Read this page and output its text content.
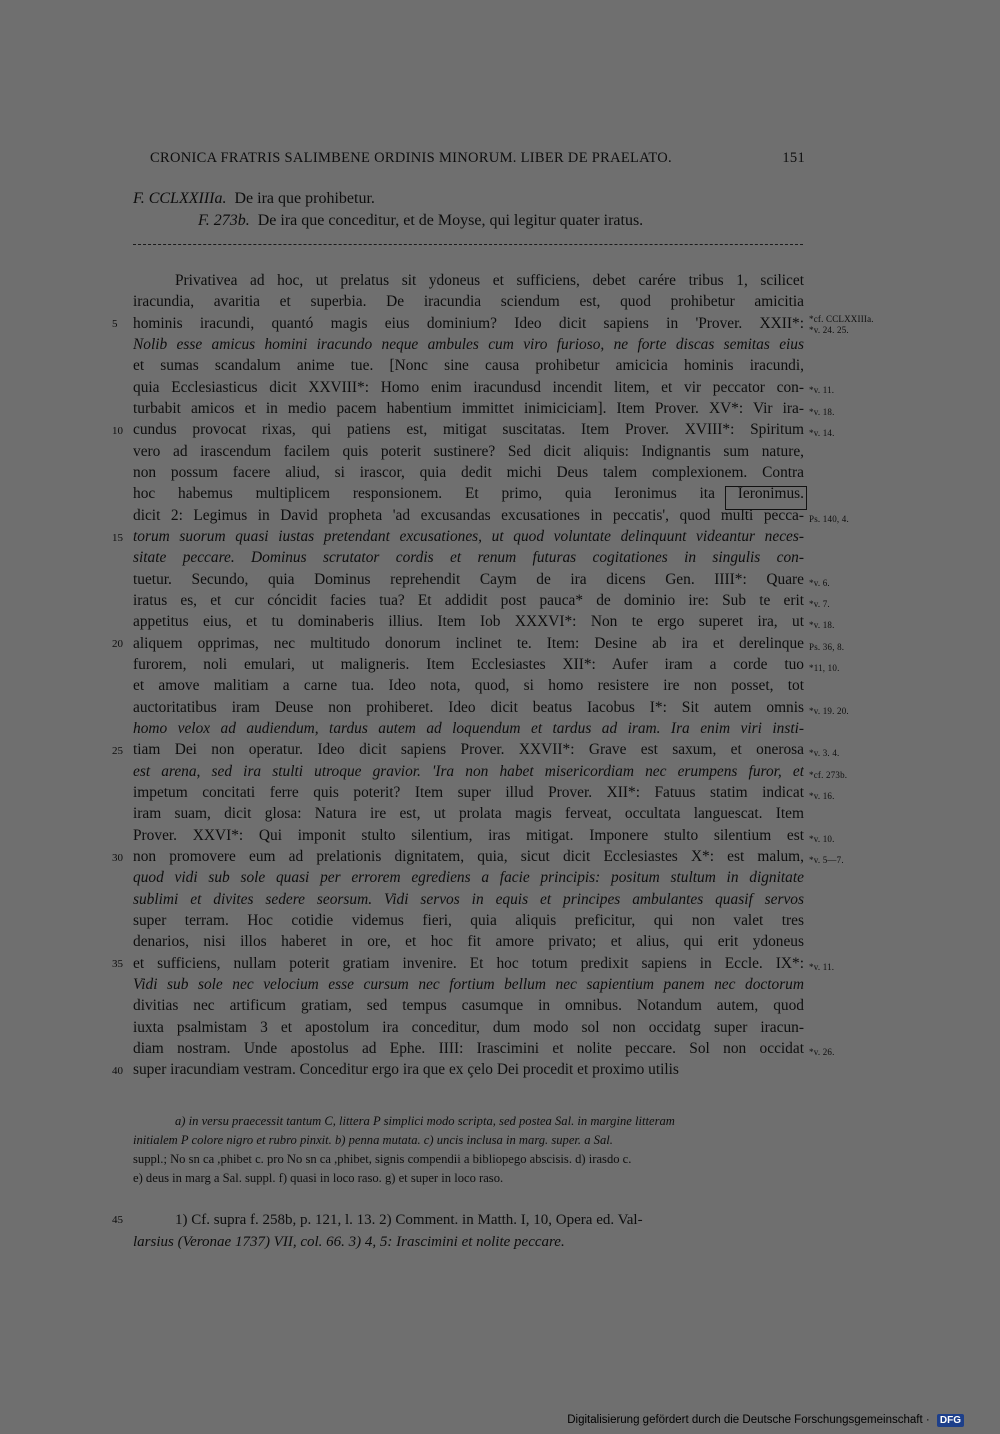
CRONICA FRATRIS SALIMBENE ORDINIS MINORUM. LIBER DE PRAELATO.	151
F. CCLXXIIIa. De ira que prohibetur.
F. 273b. De ira que conceditur, et de Moyse, qui legitur quater iratus.
Privativea ad hoc, ut prelatus sit ydoneus et sufficiens, debet carére tribus 1, scilicet
iracundia, avaritia et superbia. De iracundia sciendum est, quod prohibetur amicitia
hominis iracundi, quantó magis eius dominium? Ideo dicit sapiens in 'Prover. XXII*:
Nolib esse amicus homini iracundo neque ambules cum viro furioso, ne forte discas semitas eius
et sumas scandalum anime tue. [Nonc sine causa prohibetur amicicia hominis iracundi,
quia Ecclesiasticus dicit XXVIII*: Homo enim iracundusd incendit litem, et vir peccator con-
turbabit amicos et in medio pacem habentium immittet inimiciciam]. Item Prover. XV*: Vir ira-
cundus provocat rixas, qui patiens est, mitigat suscitatas. Item Prover. XVIII*: Spiritum
vero ad irascendum facilem quis poterit sustinere? Sed dicit aliquis: Indignantis sum nature,
non possum facere aliud, si irascor, quia dedit michi Deus talem complexionem. Contra
hoc habemus multiplicem responsionem. Et primo, quia Ieronimus ita Ieronimus.
dicit 2: Legimus in David propheta 'ad excusandas excusationes in peccatis', quod multi pecca-
torum suorum quasi iustas pretendant excusationes, ut quod voluntate delinquunt videantur neces-
sitate peccare. Dominus scrutator cordis et renum futuras cogitationes in singulis con-
tuetur. Secundo, quia Dominus reprehendit Caym de ira dicens Gen. IIII*: Quare
iratus es, et cur cóncidit facies tua? Et addidit post pauca* de dominio ire: Sub te erit
appetitus eius, et tu dominaberis illius. Item Iob XXXVI*: Non te ergo superet ira, ut
aliquem opprimas, nec multitudo donorum inclinet te. Item: Desine ab ira et derelinque
furorem, noli emulari, ut maligneris. Item Ecclesiastes XII*: Aufer iram a corde tuo
et amove malitiam a carne tua. Ideo nota, quod, si homo resistere ire non posset, tot
auctoritatibus iram Deuse non prohiberet. Ideo dicit beatus Iacobus I*: Sit autem omnis
homo velox ad audiendum, tardus autem ad loquendum et tardus ad iram. Ira enim viri insti-
tiam Dei non operatur. Ideo dicit sapiens Prover. XXVII*: Grave est saxum, et onerosa
est arena, sed ira stulti utroque gravior. 'Ira non habet misericordiam nec erumpens furor, et
impetum concitati ferre quis poterit? Item super illud Prover. XII*: Fatuus statim indicat
iram suam, dicit glosa: Natura ire est, ut prolata magis ferveat, occultata languescat. Item
Prover. XXVI*: Qui imponit stulto silentium, iras mitigat. Imponere stulto silentium est
non promovere eum ad prelationis dignitatem, quia, sicut dicit Ecclesiastes X*: est malum,
quod vidi sub sole quasi per errorem egrediens a facie principis: positum stultum in dignitate
sublimi et divites sedere seorsum. Vidi servos in equis et principes ambulantes quasif servos
super terram. Hoc cotidie videmus fieri, quia aliquis preficitur, qui non valet tres
denarios, nisi illos haberet in ore, et hoc fit amore privato; et alius, qui erit ydoneus
et sufficiens, nullam poterit gratiam invenire. Et hoc totum predixit sapiens in Eccle. IX*:
Vidi sub sole nec velocium esse cursum nec fortium bellum nec sapientium panem nec doctorum
divitias nec artificum gratiam, sed tempus casumque in omnibus. Notandum autem, quod
iuxta psalmistam 3 et apostolum ira conceditur, dum modo sol non occidatg super iracun-
diam nostram. Unde apostolus ad Ephe. IIII: Irascimini et nolite peccare. Sol non occidat
super iracundiam vestram. Conceditur ergo ira que ex çelo Dei procedit et proximo utilis
5
10
15
20
25
30
35
40
45
*cf. CCLXXIIIa.
*v. 24. 25.
*v. 11.
*v. 18.
*v. 14.
Ps. 140, 4.
*v. 6.
*v. 7.
*v. 18.
Ps. 36, 8.
*11, 10.
*v. 19. 20.
*v. 3. 4.
*cf. 273b.
*v. 16.
*v. 10.
*v. 5—7.
*v. 11.
*v. 26.
a) in versu praecessit tantum C, littera P simplici modo scripta, sed postea Sal. in margine litteram
initialem P colore nigro et rubro pinxit. b) penna mutata. c) uncis inclusa in marg. super. a Sal.
suppl.; No sn ca ,phibet c. pro No sn ca ,phibet, signis compendii a bibliopego abscisis. d) irasdo c.
e) deus in marg a Sal. suppl. f) quasi in loco raso. g) et super in loco raso.
1) Cf. supra f. 258b, p. 121, l. 13. 2) Comment. in Matth. I, 10, Opera ed. Val-
larsius (Veronae 1737) VII, col. 66. 3) 4, 5: Irascimini et nolite peccare.
Digitalisierung gefördert durch die Deutsche Forschungsgemeinschaft · DFG
